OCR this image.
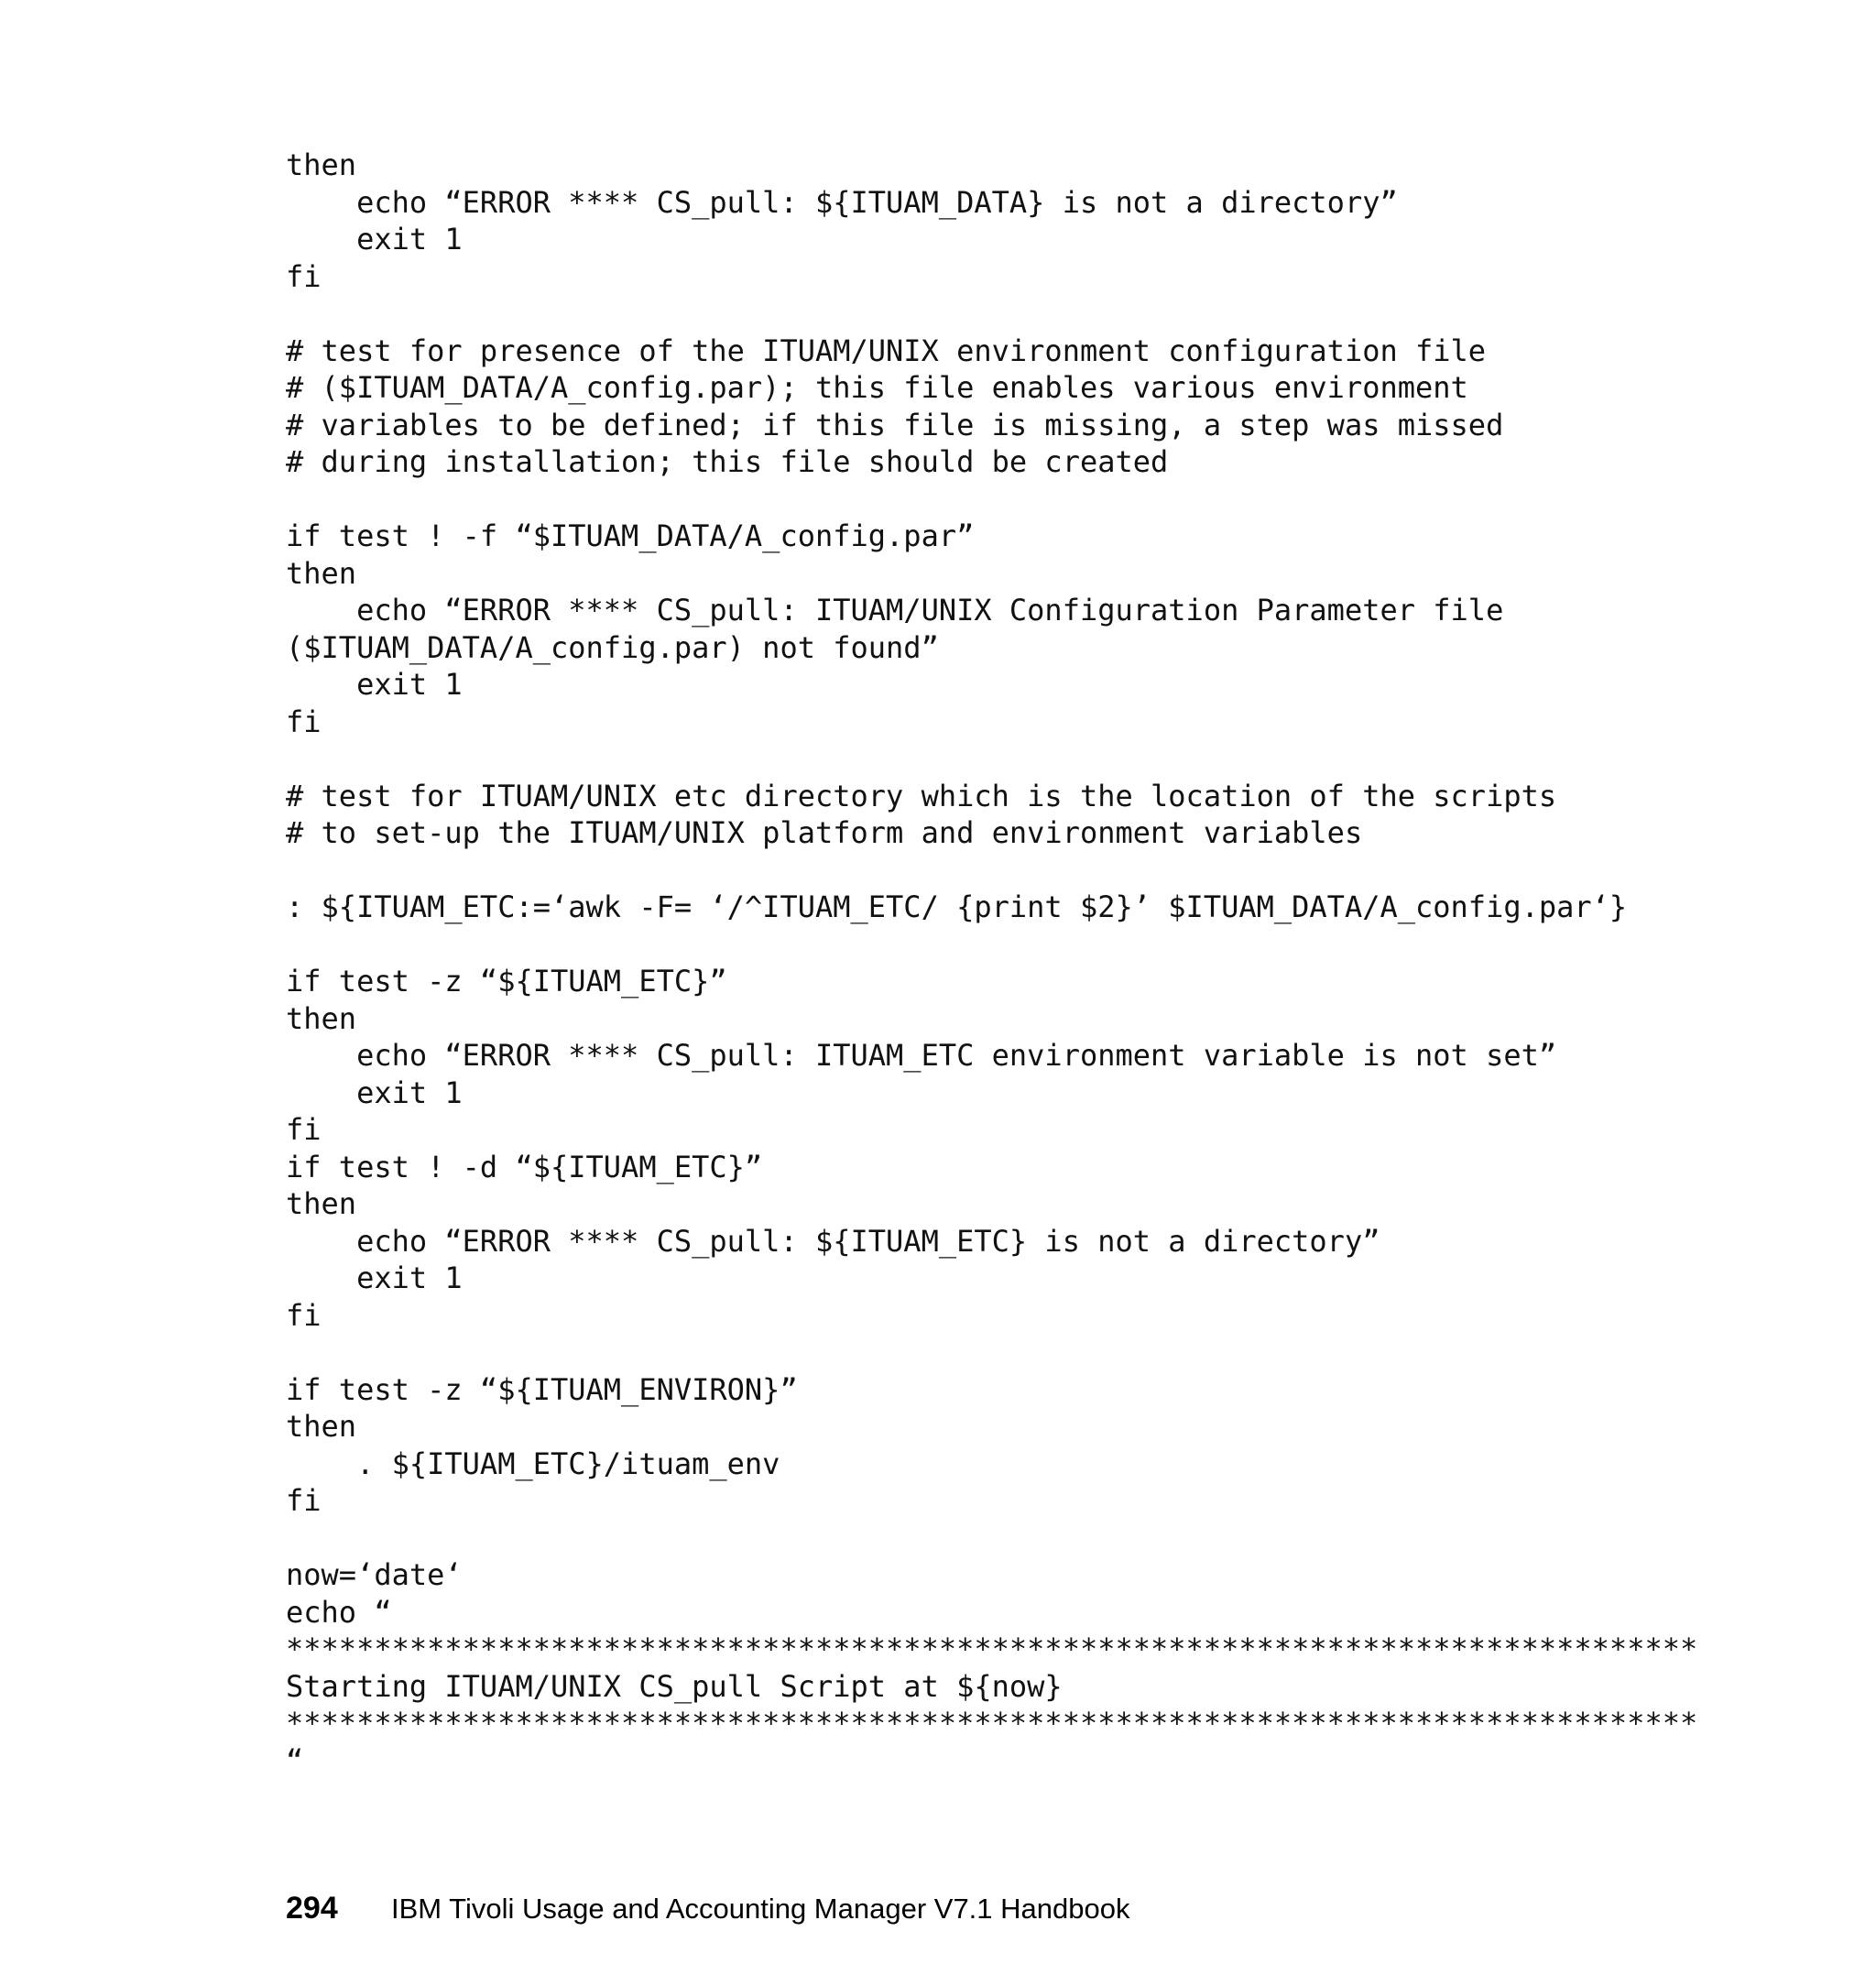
then
echo “ERROR **** CS_pull: ${ITUAM_DATA} is not a directory”
exit 1
fi
# test for presence of the ITUAM/UNIX environment configuration file
# ($ITUAM_DATA/A_config.par); this file enables various environment
# variables to be defined; if this file is missing, a step was missed
# during installation; this file should be created
if test ! -f “$ITUAM_DATA/A_config.par”
then
echo “ERROR **** CS_pull: ITUAM/UNIX Configuration Parameter file
($ITUAM_DATA/A_config.par) not found”
exit 1
fi
# test for ITUAM/UNIX etc directory which is the location of the scripts
# to set-up the ITUAM/UNIX platform and environment variables
: ${ITUAM_ETC:=‘awk -F= ‘/^ITUAM_ETC/ {print $2}’ $ITUAM_DATA/A_config.par‘}
if test -z “${ITUAM_ETC}”
then
echo “ERROR **** CS_pull: ITUAM_ETC environment variable is not set”
exit 1
fi
if test ! -d “${ITUAM_ETC}”
then
echo “ERROR **** CS_pull: ${ITUAM_ETC} is not a directory”
exit 1
fi
if test -z “${ITUAM_ENVIRON}”
then
. ${ITUAM_ETC}/ituam_env
fi
now=‘date‘
echo “
********************************************************************************
Starting ITUAM/UNIX CS_pull Script at ${now}
********************************************************************************
“
294	IBM Tivoli Usage and Accounting Manager V7.1 Handbook
